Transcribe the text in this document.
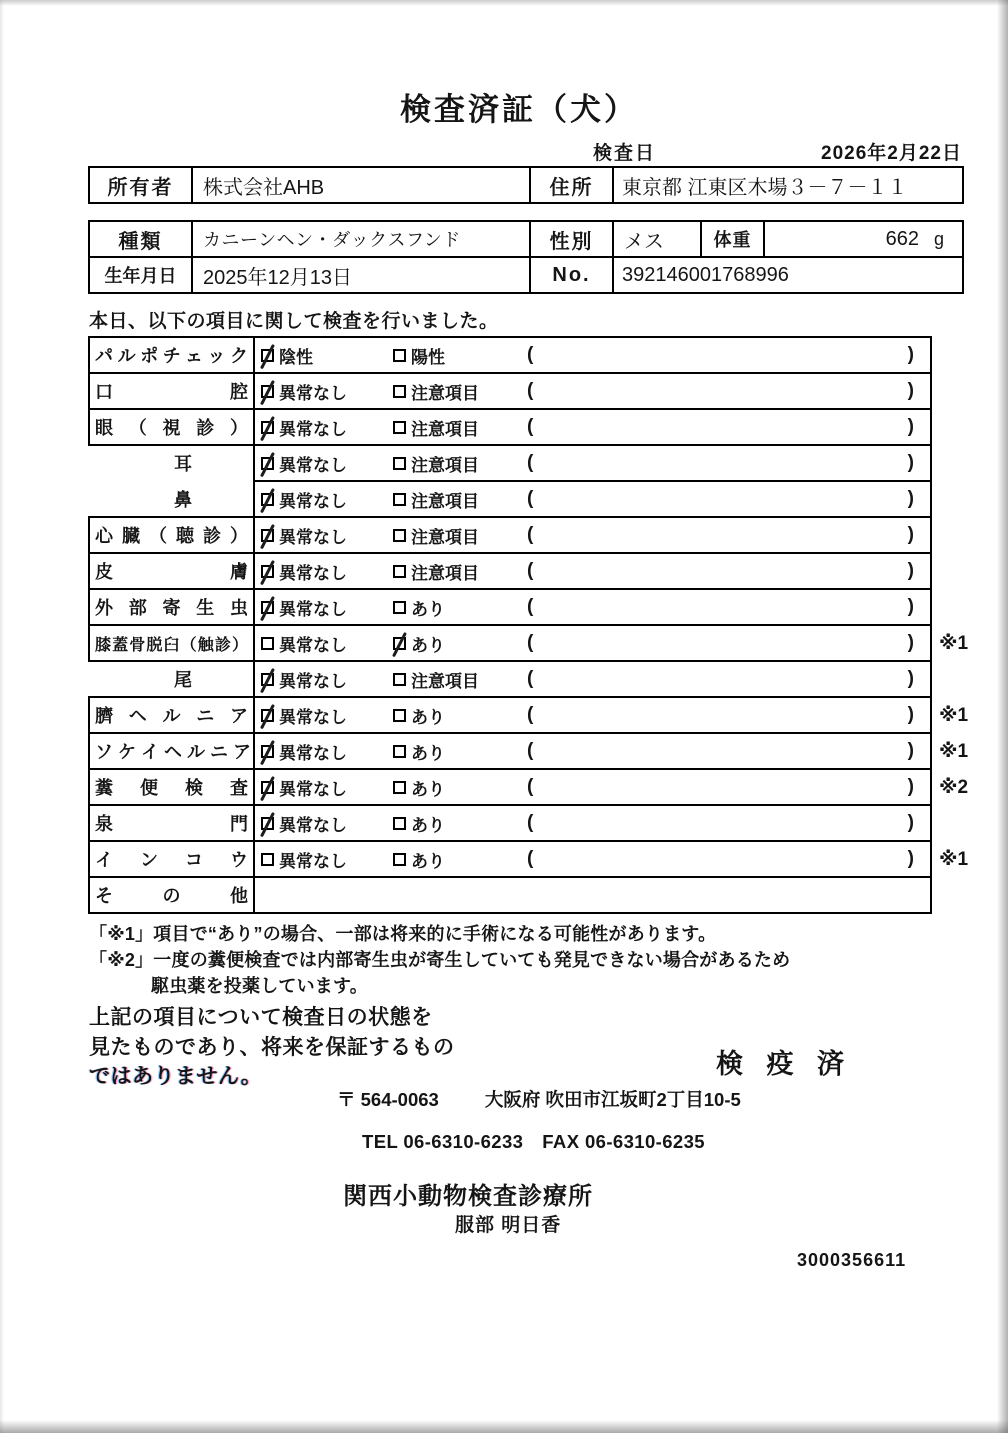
検査済証（犬）
検査日	2026年2月22日
所有者	株式会社AHB	住所	東京都 江東区木場３－７－１１
種類	カニーンヘン・ダックスフンド	性別	メス	体重	662 g
生年月日	2025年12月13日	No.	392146001768996
本日、以下の項目に関して検査を行いました。
パルポチェック 陰性	陽性	(	)
口 腔 異常なし	注意項目	(	)
眼 （ 視 診 ） 異常なし	注意項目	(	)
耳	異常なし	注意項目	(	)
鼻	異常なし	注意項目	(	)
心 臓 （ 聴 診 ） 異常なし	注意項目	(	)
皮 膚 異常なし	注意項目	(	)
外 部 寄 生 虫 異常なし	あり	(	)
膝蓋骨脱臼（触診） 異常なし	あり	(	)	※1
尾	異常なし	注意項目	(	)
臍 ヘ ル ニ ア 異常なし	あり	(	)	※1
ソ ケ イ ヘ ル ニ ア 異常なし	あり	(	)	※1
糞 便 検 査 異常なし	あり	(	)	※2
泉 門 異常なし	あり	(	)
イ ン コ ウ 異常なし	あり	(	)	※1
そ の 他
「※1」項目で“あり”の場合、一部は将来的に手術になる可能性があります。
「※2」一度の糞便検査では内部寄生虫が寄生していても発見できない場合があるため
駆虫薬を投薬しています。
上記の項目について検査日の状態を
見たものであり、将来を保証するもの
ではありません。	検 疫 済
〒 564-0063 大阪府 吹田市江坂町2丁目10-5
TEL 06-6310-6233　FAX 06-6310-6235
関西小動物検査診療所
服部 明日香
3000356611
